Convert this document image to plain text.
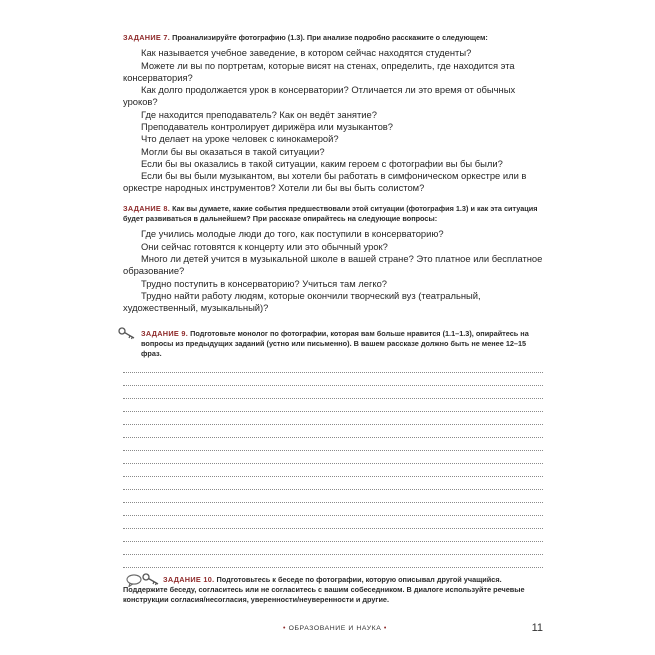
ЗАДАНИЕ 7. Проанализируйте фотографию (1.3). При анализе подробно расскажите о следующем:

Как называется учебное заведение, в котором сейчас находятся студенты?

Можете ли вы по портретам, которые висят на стенах, определить, где находится эта консерватория?

Как долго продолжается урок в консерватории? Отличается ли это время от обычных уроков?

Где находится преподаватель? Как он ведёт занятие?

Преподаватель контролирует дирижёра или музыкантов?

Что делает на уроке человек с кинокамерой?

Могли бы вы оказаться в такой ситуации?

Если бы вы оказались в такой ситуации, каким героем с фотографии вы бы были?

Если бы вы были музыкантом, вы хотели бы работать в симфоническом оркестре или в оркестре народных инструментов? Хотели ли бы вы быть солистом?

ЗАДАНИЕ 8. Как вы думаете, какие события предшествовали этой ситуации (фотография 1.3) и как эта ситуация будет развиваться в дальнейшем? При рассказе опирайтесь на следующие вопросы:

Где учились молодые люди до того, как поступили в консерваторию?

Они сейчас готовятся к концерту или это обычный урок?

Много ли детей учится в музыкальной школе в вашей стране? Это платное или бесплатное образование?

Трудно поступить в консерваторию? Учиться там легко?

Трудно найти работу людям, которые окончили творческий вуз (театральный, художественный, музыкальный)?

ЗАДАНИЕ 9. Подготовьте монолог по фотографии, которая вам больше нравится (1.1–1.3), опирайтесь на вопросы из предыдущих заданий (устно или письменно). В вашем рассказе должно быть не менее 12–15 фраз.

ЗАДАНИЕ 10. Подготовьтесь к беседе по фотографии, которую описывал другой учащийся. Поддержите беседу, согласитесь или не согласитесь с вашим собеседником. В диалоге используйте речевые конструкции согласия/несогласия, уверенности/неуверенности и другие.

• ОБРАЗОВАНИЕ И НАУКА •	11
